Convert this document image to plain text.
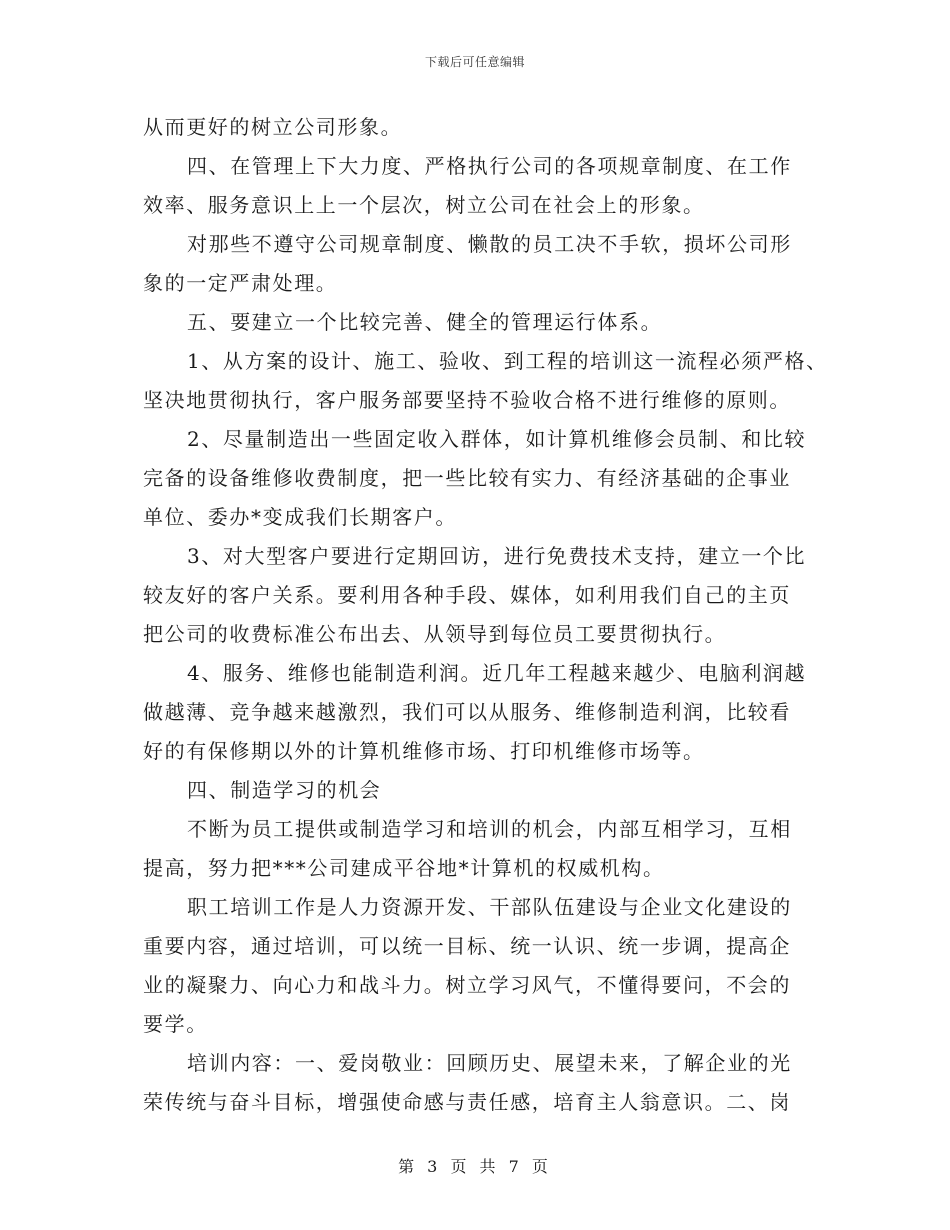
下载后可任意编辑
从而更好的树立公司形象。
四、在管理上下大力度、严格执行公司的各项规章制度、在工作
效率、服务意识上上一个层次，树立公司在社会上的形象。
对那些不遵守公司规章制度、懒散的员工决不手软，损坏公司形
象的一定严肃处理。
五、要建立一个比较完善、健全的管理运行体系。
1、从方案的设计、施工、验收、到工程的培训这一流程必须严格、
坚决地贯彻执行，客户服务部要坚持不验收合格不进行维修的原则。
2、尽量制造出一些固定收入群体，如计算机维修会员制、和比较
完备的设备维修收费制度，把一些比较有实力、有经济基础的企事业
单位、委办*变成我们长期客户。
3、对大型客户要进行定期回访，进行免费技术支持，建立一个比
较友好的客户关系。要利用各种手段、媒体，如利用我们自己的主页
把公司的收费标准公布出去、从领导到每位员工要贯彻执行。
4、服务、维修也能制造利润。近几年工程越来越少、电脑利润越
做越薄、竞争越来越激烈，我们可以从服务、维修制造利润，比较看
好的有保修期以外的计算机维修市场、打印机维修市场等。
四、制造学习的机会
不断为员工提供或制造学习和培训的机会，内部互相学习，互相
提高，努力把***公司建成平谷地*计算机的权威机构。
职工培训工作是人力资源开发、干部队伍建设与企业文化建设的
重要内容，通过培训，可以统一目标、统一认识、统一步调，提高企
业的凝聚力、向心力和战斗力。树立学习风气，不懂得要问，不会的
要学。
培训内容：一、爱岗敬业：回顾历史、展望未来，了解企业的光
荣传统与奋斗目标，增强使命感与责任感，培育主人翁意识。二、岗
第 3 页 共 7 页
